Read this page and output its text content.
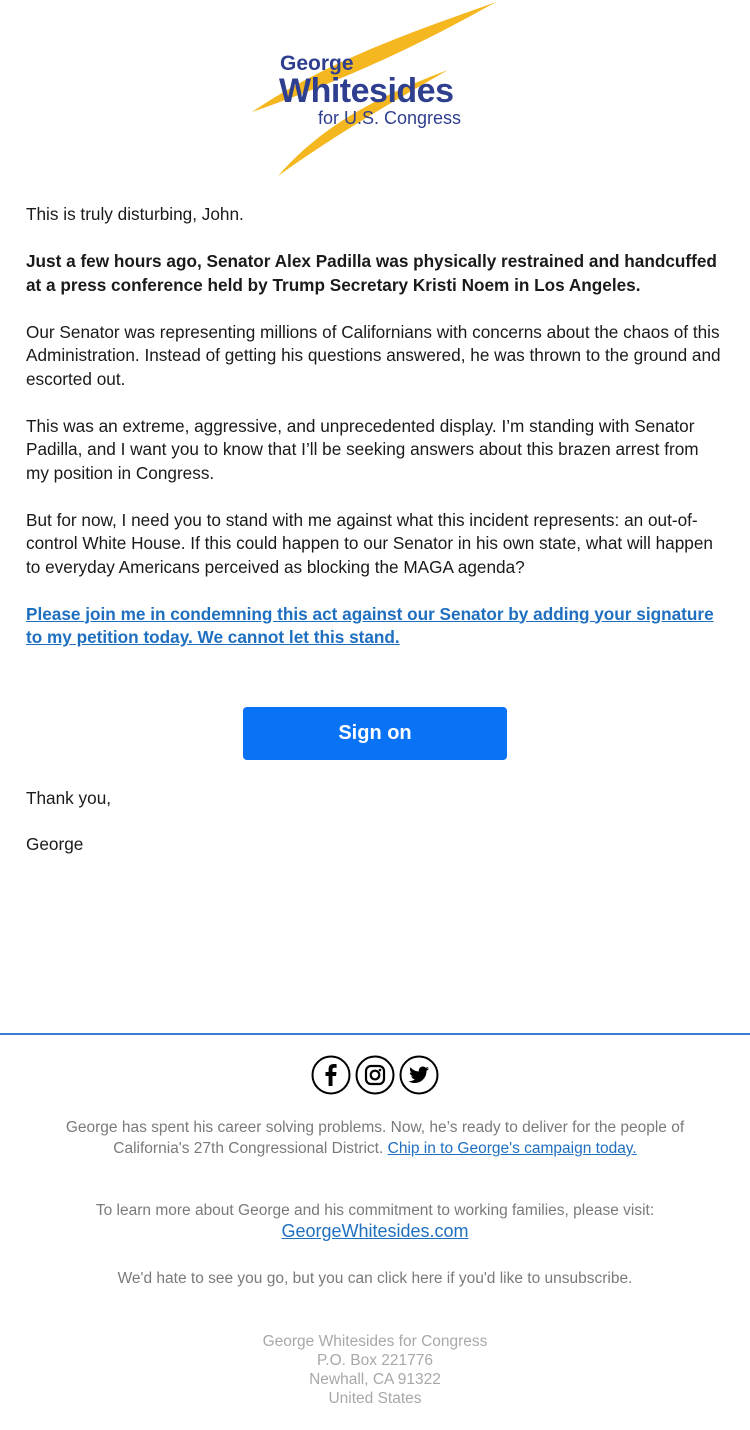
George
Whitesides
for U.S. Congress

This is truly disturbing, John.

Just a few hours ago, Senator Alex Padilla was physically restrained and handcuffed at a press conference held by Trump Secretary Kristi Noem in Los Angeles.

Our Senator was representing millions of Californians with concerns about the chaos of this Administration. Instead of getting his questions answered, he was thrown to the ground and escorted out.

This was an extreme, aggressive, and unprecedented display. I’m standing with Senator Padilla, and I want you to know that I’ll be seeking answers about this brazen arrest from my position in Congress.

But for now, I need you to stand with me against what this incident represents: an out-of-control White House. If this could happen to our Senator in his own state, what will happen to everyday Americans perceived as blocking the MAGA agenda?

Please join me in condemning this act against our Senator by adding your signature to my petition today. We cannot let this stand.

Sign on
Thank you,
George
George has spent his career solving problems. Now, he’s ready to deliver for the people of California's 27th Congressional District. Chip in to George's campaign today.
To learn more about George and his commitment to working families, please visit:
GeorgeWhitesides.com
We'd hate to see you go, but you can click here if you'd like to unsubscribe.
George Whitesides for Congress
P.O. Box 221776
Newhall, CA 91322
United States
